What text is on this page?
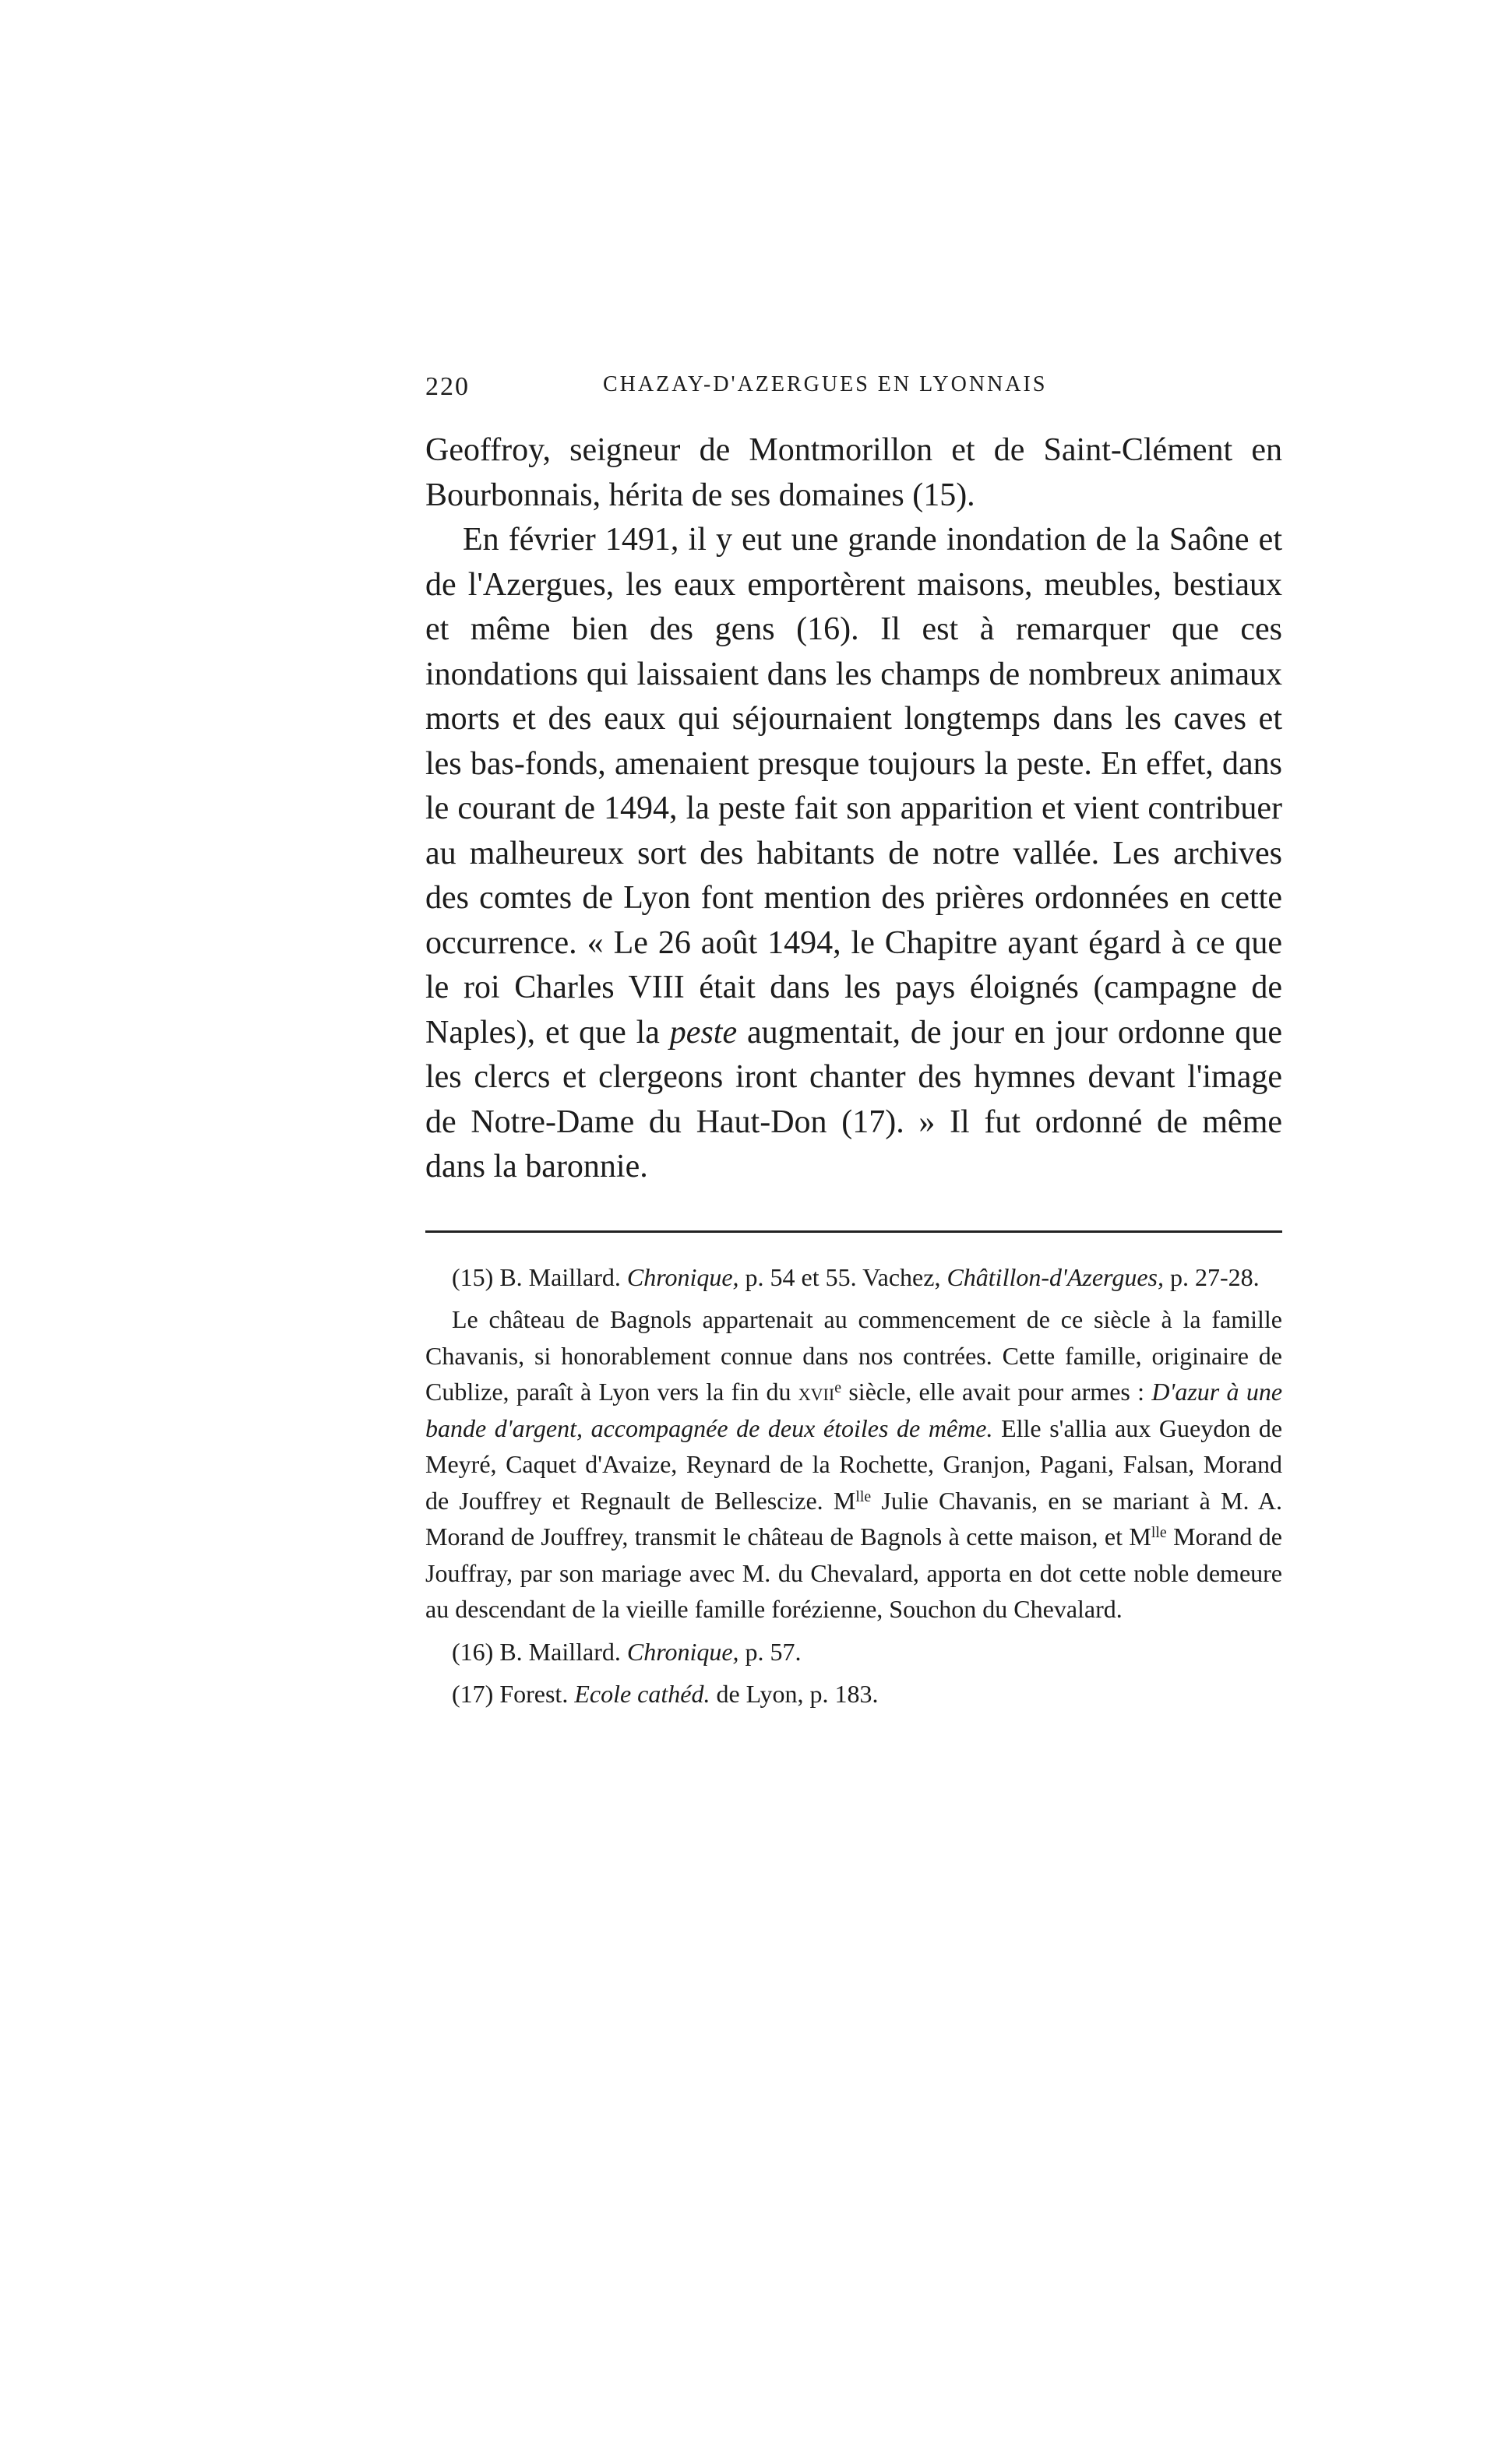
220	CHAZAY-D'AZERGUES EN LYONNAIS

Geoffroy, seigneur de Montmorillon et de Saint-Clément en Bourbonnais, hérita de ses domaines (15).

En février 1491, il y eut une grande inondation de la Saône et de l'Azergues, les eaux emportèrent maisons, meubles, bestiaux et même bien des gens (16). Il est à remarquer que ces inondations qui laissaient dans les champs de nombreux animaux morts et des eaux qui séjournaient longtemps dans les caves et les bas-fonds, amenaient presque toujours la peste. En effet, dans le courant de 1494, la peste fait son apparition et vient contribuer au malheureux sort des habitants de notre vallée. Les archives des comtes de Lyon font mention des prières ordonnées en cette occurrence. « Le 26 août 1494, le Chapitre ayant égard à ce que le roi Charles VIII était dans les pays éloignés (campagne de Naples), et que la peste augmentait, de jour en jour ordonne que les clercs et clergeons iront chanter des hymnes devant l'image de Notre-Dame du Haut-Don (17). » Il fut ordonné de même dans la baronnie.

(15) B. Maillard. Chronique, p. 54 et 55. Vachez, Châtillon-d'Azergues, p. 27-28.

Le château de Bagnols appartenait au commencement de ce siècle à la famille Chavanis, si honorablement connue dans nos contrées. Cette famille, originaire de Cublize, paraît à Lyon vers la fin du xvii$^e$ siècle, elle avait pour armes : D'azur à une bande d'argent, accompagnée de deux étoiles de même. Elle s'allia aux Gueydon de Meyré, Caquet d'Avaize, Reynard de la Rochette, Granjon, Pagani, Falsan, Morand de Jouffrey et Regnault de Bellescize. $M^{lle}$ Julie Chavanis, en se mariant à M. A. Morand de Jouffrey, transmit le château de Bagnols à cette maison, et $M^{lle}$ Morand de Jouffray, par son mariage avec M. du Chevalard, apporta en dot cette noble demeure au descendant de la vieille famille forézienne, Souchon du Chevalard.

(16) B. Maillard. Chronique, p. 57.

(17) Forest. Ecole cathéd. de Lyon, p. 183.
